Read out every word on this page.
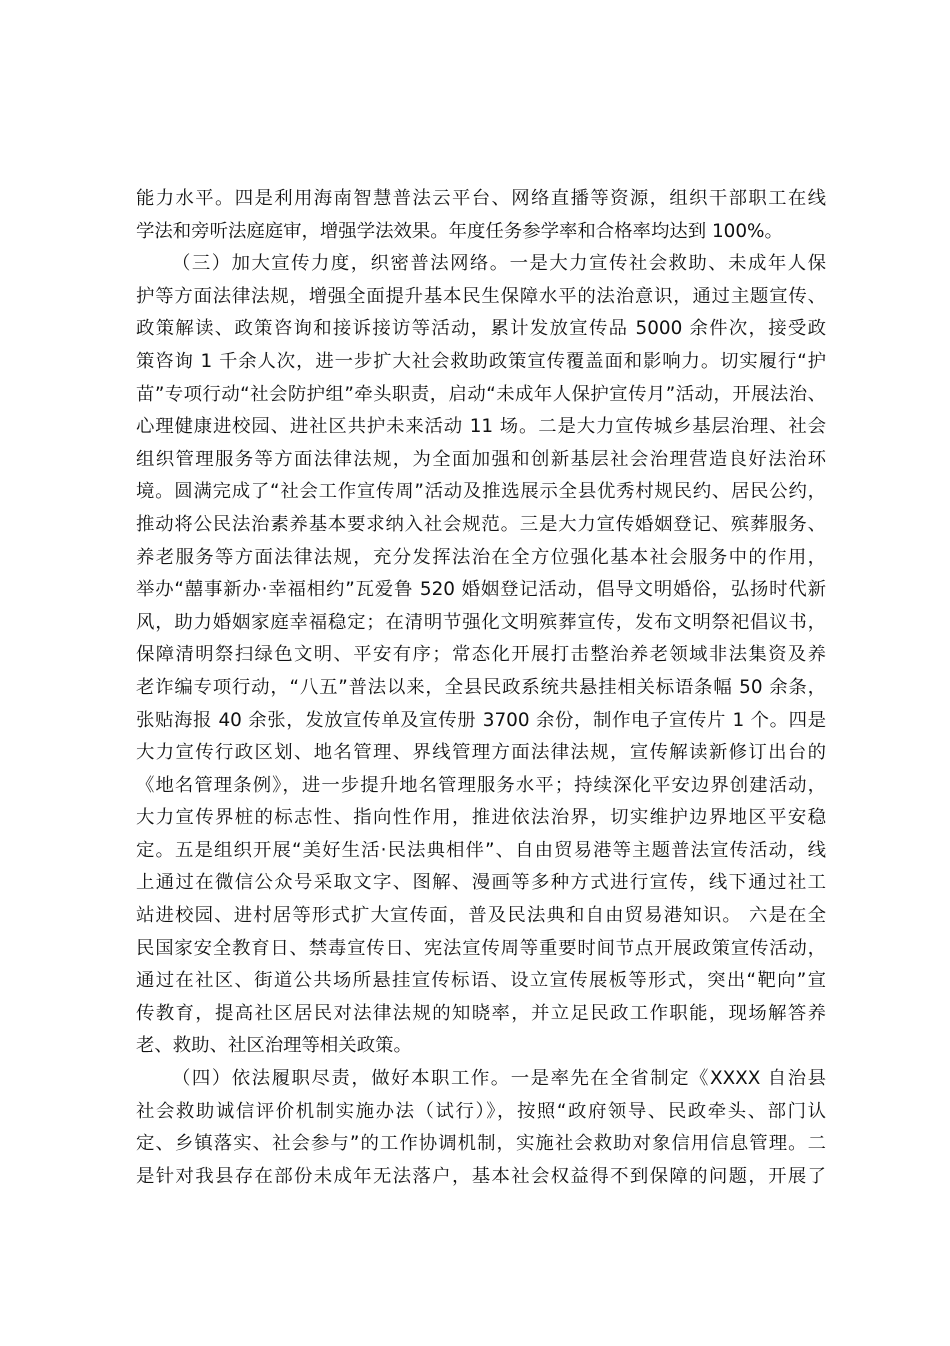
能力水平。四是利用海南智慧普法云平台、网络直播等资源，组织干部职工在线
学法和旁听法庭庭审，增强学法效果。年度任务参学率和合格率均达到 100%。
（三）加大宣传力度，织密普法网络。一是大力宣传社会救助、未成年人保
护等方面法律法规，增强全面提升基本民生保障水平的法治意识，通过主题宣传、
政策解读、政策咨询和接诉接访等活动，累计发放宣传品 5000 余件次，接受政
策咨询 1 千余人次，进一步扩大社会救助政策宣传覆盖面和影响力。切实履行“护
苗”专项行动“社会防护组”牵头职责，启动“未成年人保护宣传月”活动，开展法治、
心理健康进校园、进社区共护未来活动 11 场。二是大力宣传城乡基层治理、社会
组织管理服务等方面法律法规，为全面加强和创新基层社会治理营造良好法治环
境。圆满完成了“社会工作宣传周”活动及推选展示全县优秀村规民约、居民公约，
推动将公民法治素养基本要求纳入社会规范。三是大力宣传婚姻登记、殡葬服务、
养老服务等方面法律法规，充分发挥法治在全方位强化基本社会服务中的作用，
举办“囍事新办·幸福相约”瓦爱鲁 520 婚姻登记活动，倡导文明婚俗，弘扬时代新
风，助力婚姻家庭幸福稳定；在清明节强化文明殡葬宣传，发布文明祭祀倡议书，
保障清明祭扫绿色文明、平安有序；常态化开展打击整治养老领域非法集资及养
老诈编专项行动，“八五”普法以来，全县民政系统共悬挂相关标语条幅 50 余条，
张贴海报 40 余张，发放宣传单及宣传册 3700 余份，制作电子宣传片 1 个。四是
大力宣传行政区划、地名管理、界线管理方面法律法规，宣传解读新修订出台的
《地名管理条例》，进一步提升地名管理服务水平；持续深化平安边界创建活动，
大力宣传界桩的标志性、指向性作用，推进依法治界，切实维护边界地区平安稳
定。五是组织开展“美好生活·民法典相伴”、自由贸易港等主题普法宣传活动，线
上通过在微信公众号采取文字、图解、漫画等多种方式进行宣传，线下通过社工
站进校园、进村居等形式扩大宣传面，普及民法典和自由贸易港知识。 六是在全
民国家安全教育日、禁毒宣传日、宪法宣传周等重要时间节点开展政策宣传活动，
通过在社区、街道公共场所悬挂宣传标语、设立宣传展板等形式，突出“靶向”宣
传教育，提高社区居民对法律法规的知晓率，并立足民政工作职能，现场解答养
老、救助、社区治理等相关政策。
（四）依法履职尽责，做好本职工作。一是率先在全省制定《XXXX 自治县
社会救助诚信评价机制实施办法（试行）》，按照“政府领导、民政牵头、部门认
定、乡镇落实、社会参与”的工作协调机制，实施社会救助对象信用信息管理。二
是针对我县存在部份未成年无法落户，基本社会权益得不到保障的问题，开展了
